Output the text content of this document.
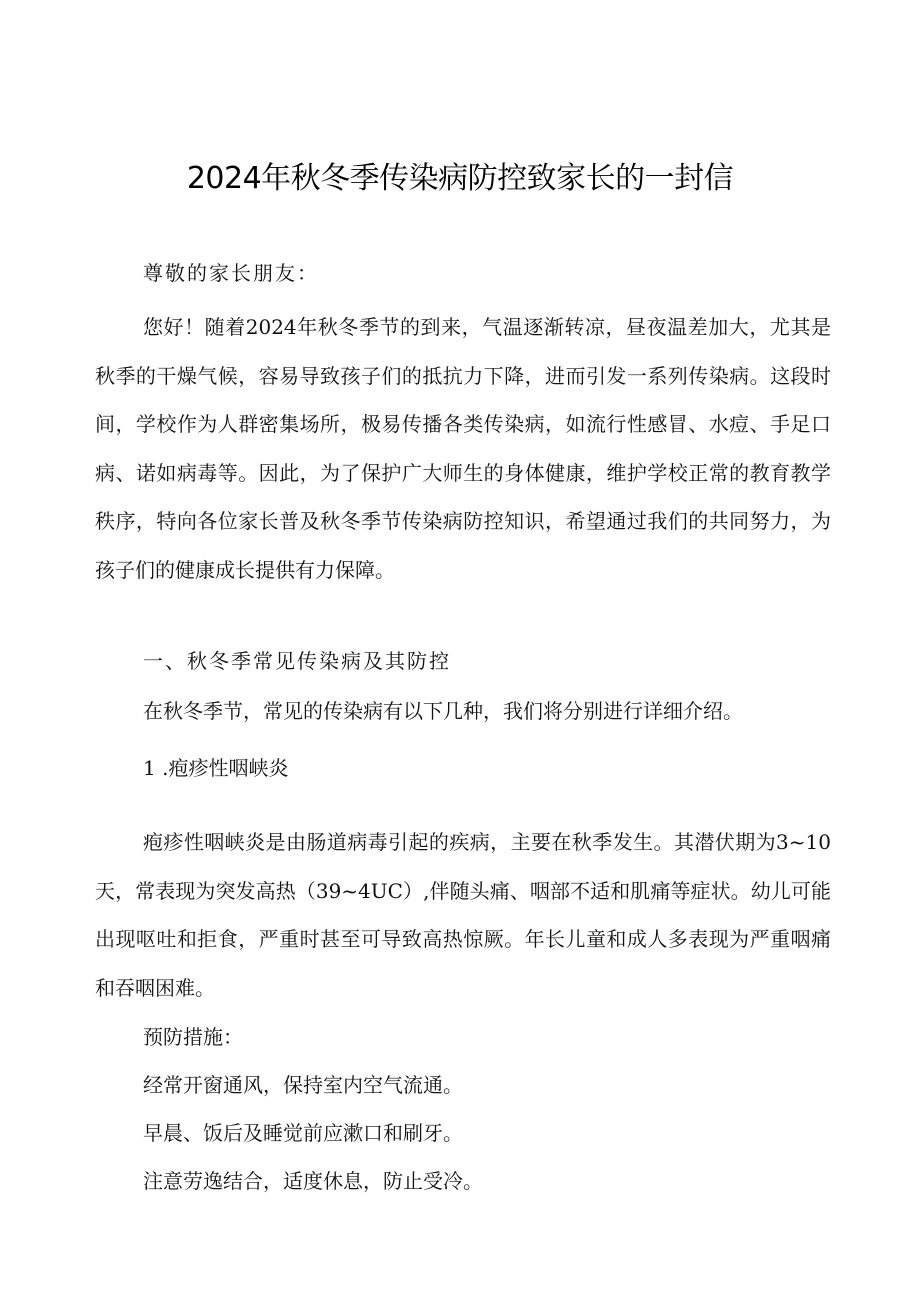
2024年秋冬季传染病防控致家长的一封信
尊敬的家长朋友：
您好！随着2024年秋冬季节的到来，气温逐渐转凉，昼夜温差加大，尤其是秋季的干燥气候，容易导致孩子们的抵抗力下降，进而引发一系列传染病。这段时间，学校作为人群密集场所，极易传播各类传染病，如流行性感冒、水痘、手足口病、诺如病毒等。因此，为了保护广大师生的身体健康，维护学校正常的教育教学秩序，特向各位家长普及秋冬季节传染病防控知识，希望通过我们的共同努力，为孩子们的健康成长提供有力保障。
一、秋冬季常见传染病及其防控
在秋冬季节，常见的传染病有以下几种，我们将分别进行详细介绍。
1 .疱疹性咽峡炎
疱疹性咽峡炎是由肠道病毒引起的疾病，主要在秋季发生。其潜伏期为3~10天，常表现为突发高热（39~4UC）,伴随头痛、咽部不适和肌痛等症状。幼儿可能出现呕吐和拒食，严重时甚至可导致高热惊厥。年长儿童和成人多表现为严重咽痛和吞咽困难。
预防措施：
经常开窗通风，保持室内空气流通。
早晨、饭后及睡觉前应漱口和刷牙。
注意劳逸结合，适度休息，防止受冷。
